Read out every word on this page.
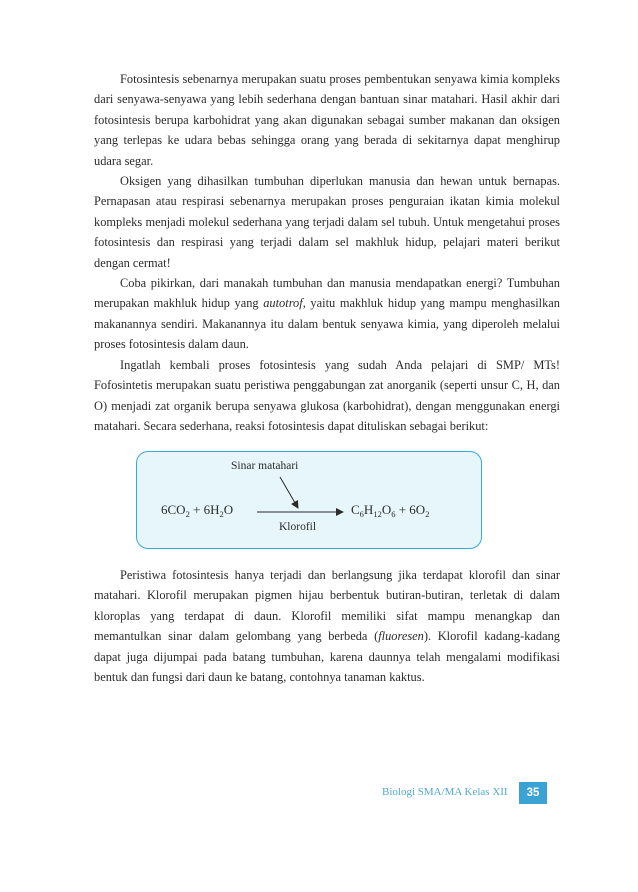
Fotosintesis sebenarnya merupakan suatu proses pembentukan senyawa kimia kompleks dari senyawa-senyawa yang lebih sederhana dengan bantuan sinar matahari. Hasil akhir dari fotosintesis berupa karbohidrat yang akan digunakan sebagai sumber makanan dan oksigen yang terlepas ke udara bebas sehingga orang yang berada di sekitarnya dapat menghirup udara segar.

Oksigen yang dihasilkan tumbuhan diperlukan manusia dan hewan untuk bernapas. Pernapasan atau respirasi sebenarnya merupakan proses penguraian ikatan kimia molekul kompleks menjadi molekul sederhana yang terjadi dalam sel tubuh. Untuk mengetahui proses fotosintesis dan respirasi yang terjadi dalam sel makhluk hidup, pelajari materi berikut dengan cermat!

Coba pikirkan, dari manakah tumbuhan dan manusia mendapatkan energi? Tumbuhan merupakan makhluk hidup yang autotrof, yaitu makhluk hidup yang mampu menghasilkan makanannya sendiri. Makanannya itu dalam bentuk senyawa kimia, yang diperoleh melalui proses fotosintesis dalam daun.

Ingatlah kembali proses fotosintesis yang sudah Anda pelajari di SMP/ MTs! Fofosintetis merupakan suatu peristiwa penggabungan zat anorganik (seperti unsur C, H, dan O) menjadi zat organik berupa senyawa glukosa (karbohidrat), dengan menggunakan energi matahari. Secara sederhana, reaksi fotosintesis dapat dituliskan sebagai berikut:

Sinar matahari
Klorofil
$6CO_2 + 6H_2O$	$C_6H_{12}O_6 + 6O_2$

Peristiwa fotosintesis hanya terjadi dan berlangsung jika terdapat klorofil dan sinar matahari. Klorofil merupakan pigmen hijau berbentuk butiran-butiran, terletak di dalam kloroplas yang terdapat di daun. Klorofil memiliki sifat mampu menangkap dan memantulkan sinar dalam gelombang yang berbeda (fluoresen). Klorofil kadang-kadang dapat juga dijumpai pada batang tumbuhan, karena daunnya telah mengalami modifikasi bentuk dan fungsi dari daun ke batang, contohnya tanaman kaktus.

Biologi SMA/MA Kelas XII	35
